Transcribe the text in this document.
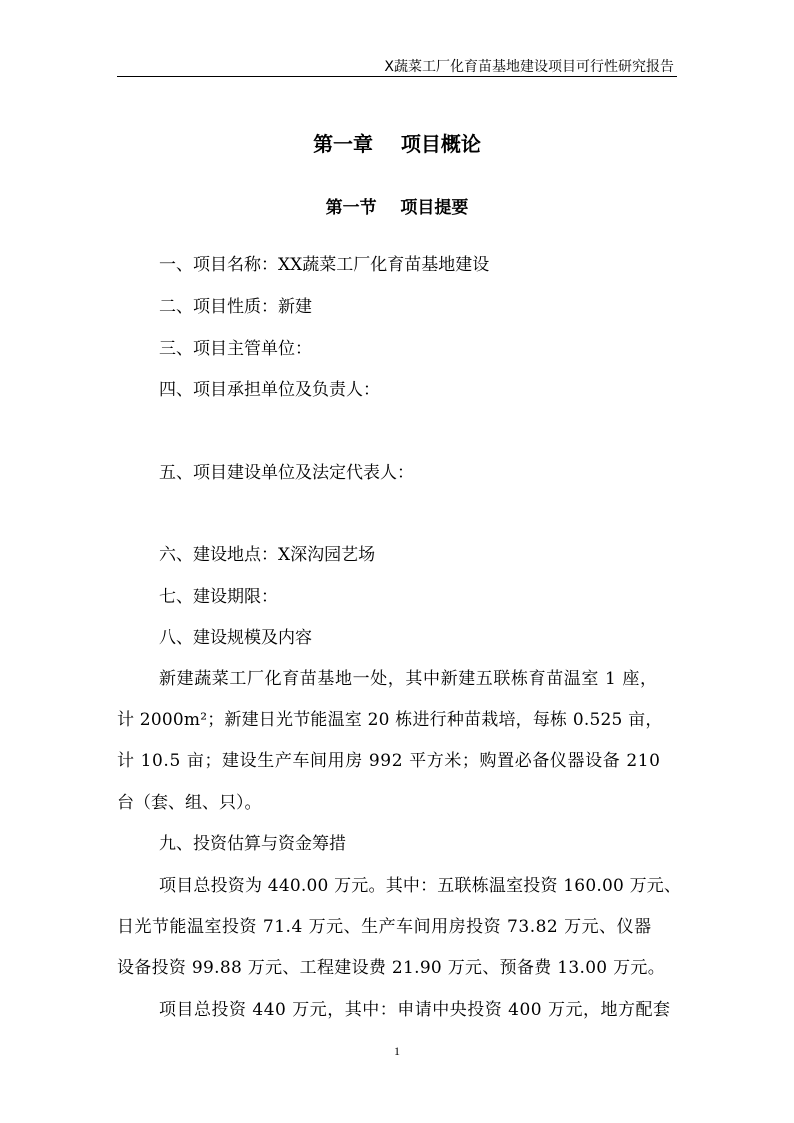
X蔬菜工厂化育苗基地建设项目可行性研究报告
第一章    项目概论
第一节    项目提要
一、项目名称：XX蔬菜工厂化育苗基地建设
二、项目性质：新建
三、项目主管单位：
四、项目承担单位及负责人：
五、项目建设单位及法定代表人：
六、建设地点：X深沟园艺场
七、建设期限：
八、建设规模及内容
新建蔬菜工厂化育苗基地一处，其中新建五联栋育苗温室 1 座，
计 2000m²；新建日光节能温室 20 栋进行种苗栽培，每栋 0.525 亩，
计 10.5 亩；建设生产车间用房 992 平方米；购置必备仪器设备 210
台（套、组、只）。
九、投资估算与资金筹措
项目总投资为 440.00 万元。其中：五联栋温室投资 160.00 万元、
日光节能温室投资 71.4 万元、生产车间用房投资 73.82 万元、仪器
设备投资 99.88 万元、工程建设费 21.90 万元、预备费 13.00 万元。
项目总投资 440 万元，其中：申请中央投资 400 万元，地方配套
1
